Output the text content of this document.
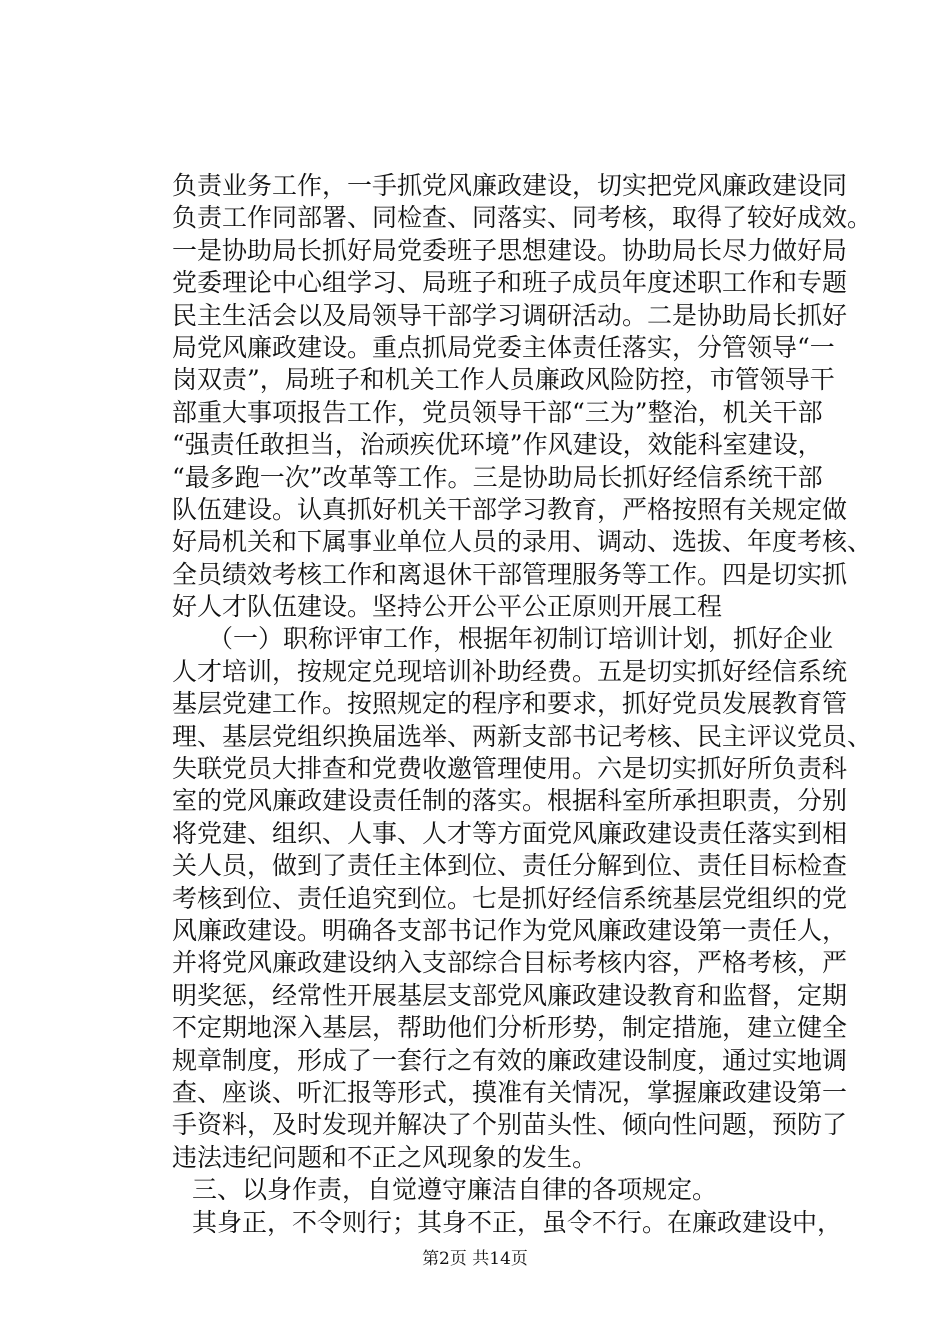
负责业务工作，一手抓党风廉政建设，切实把党风廉政建设同
负责工作同部署、同检查、同落实、同考核，取得了较好成效。
一是协助局长抓好局党委班子思想建设。协助局长尽力做好局
党委理论中心组学习、局班子和班子成员年度述职工作和专题
民主生活会以及局领导干部学习调研活动。二是协助局长抓好
局党风廉政建设。重点抓局党委主体责任落实，分管领导“一
岗双责”，局班子和机关工作人员廉政风险防控，市管领导干
部重大事项报告工作，党员领导干部“三为”整治，机关干部
“强责任敢担当，治顽疾优环境”作风建设，效能科室建设，
“最多跑一次”改革等工作。三是协助局长抓好经信系统干部
队伍建设。认真抓好机关干部学习教育，严格按照有关规定做
好局机关和下属事业单位人员的录用、调动、选拔、年度考核、
全员绩效考核工作和离退休干部管理服务等工作。四是切实抓
好人才队伍建设。坚持公开公平公正原则开展工程
（一）职称评审工作，根据年初制订培训计划，抓好企业
人才培训，按规定兑现培训补助经费。五是切实抓好经信系统
基层党建工作。按照规定的程序和要求，抓好党员发展教育管
理、基层党组织换届选举、两新支部书记考核、民主评议党员、
失联党员大排查和党费收邀管理使用。六是切实抓好所负责科
室的党风廉政建设责任制的落实。根据科室所承担职责，分别
将党建、组织、人事、人才等方面党风廉政建设责任落实到相
关人员，做到了责任主体到位、责任分解到位、责任目标检查
考核到位、责任追究到位。七是抓好经信系统基层党组织的党
风廉政建设。明确各支部书记作为党风廉政建设第一责任人，
并将党风廉政建设纳入支部综合目标考核内容，严格考核，严
明奖惩，经常性开展基层支部党风廉政建设教育和监督，定期
不定期地深入基层，帮助他们分析形势，制定措施，建立健全
规章制度，形成了一套行之有效的廉政建设制度，通过实地调
查、座谈、听汇报等形式，摸准有关情况，掌握廉政建设第一
手资料，及时发现并解决了个别苗头性、倾向性问题，预防了
违法违纪问题和不正之风现象的发生。
三、以身作责，自觉遵守廉洁自律的各项规定。
其身正，不令则行；其身不正，虽令不行。在廉政建设中，
第2页 共14页
